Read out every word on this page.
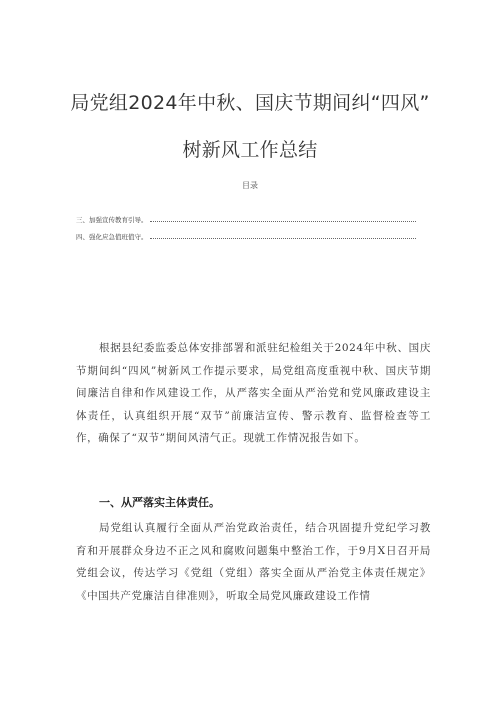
局党组2024年中秋、国庆节期间纠“四风”
树新风工作总结
目录
三、加强宣传教育引导。
四、强化应急值班值守。

根据县纪委监委总体安排部署和派驻纪检组关于2024年中秋、国庆节期间纠“四风”树新风工作提示要求，局党组高度重视中秋、国庆节期间廉洁自律和作风建设工作，从严落实全面从严治党和党风廉政建设主体责任，认真组织开展“双节”前廉洁宣传、警示教育、监督检查等工作，确保了“双节”期间风清气正。现就工作情况报告如下。

一、从严落实主体责任。

局党组认真履行全面从严治党政治责任，结合巩固提升党纪学习教育和开展群众身边不正之风和腐败问题集中整治工作，于9月X日召开局党组会议，传达学习《党组（党组）落实全面从严治党主体责任规定》《中国共产党廉洁自律准则》，听取全局党风廉政建设工作情
